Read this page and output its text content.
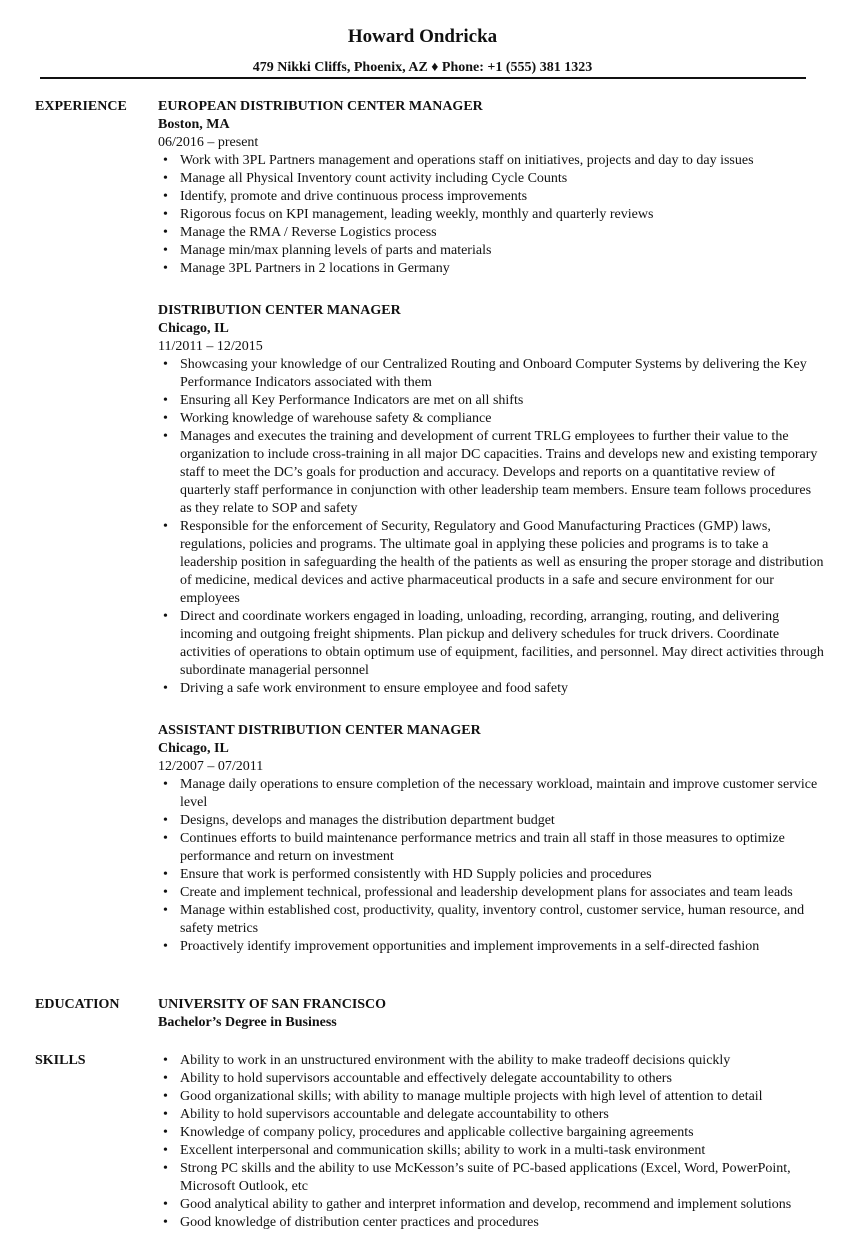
Howard Ondricka
479 Nikki Cliffs, Phoenix, AZ ♦ Phone: +1 (555) 381 1323
EXPERIENCE	EUROPEAN DISTRIBUTION CENTER MANAGER
Boston, MA
06/2016 – present
• Work with 3PL Partners management and operations staff on initiatives, projects and day to day issues
• Manage all Physical Inventory count activity including Cycle Counts
• Identify, promote and drive continuous process improvements
• Rigorous focus on KPI management, leading weekly, monthly and quarterly reviews
• Manage the RMA / Reverse Logistics process
• Manage min/max planning levels of parts and materials
• Manage 3PL Partners in 2 locations in Germany
DISTRIBUTION CENTER MANAGER
Chicago, IL
11/2011 – 12/2015
• Showcasing your knowledge of our Centralized Routing and Onboard Computer Systems by delivering the Key Performance Indicators associated with them
• Ensuring all Key Performance Indicators are met on all shifts
• Working knowledge of warehouse safety & compliance
• Manages and executes the training and development of current TRLG employees to further their value to the organization to include cross-training in all major DC capacities. Trains and develops new and existing temporary staff to meet the DC’s goals for production and accuracy. Develops and reports on a quantitative review of quarterly staff performance in conjunction with other leadership team members. Ensure team follows procedures as they relate to SOP and safety
• Responsible for the enforcement of Security, Regulatory and Good Manufacturing Practices (GMP) laws, regulations, policies and programs. The ultimate goal in applying these policies and programs is to take a leadership position in safeguarding the health of the patients as well as ensuring the proper storage and distribution of medicine, medical devices and active pharmaceutical products in a safe and secure environment for our employees
• Direct and coordinate workers engaged in loading, unloading, recording, arranging, routing, and delivering incoming and outgoing freight shipments. Plan pickup and delivery schedules for truck drivers. Coordinate activities of operations to obtain optimum use of equipment, facilities, and personnel. May direct activities through subordinate managerial personnel
• Driving a safe work environment to ensure employee and food safety
ASSISTANT DISTRIBUTION CENTER MANAGER
Chicago, IL
12/2007 – 07/2011
• Manage daily operations to ensure completion of the necessary workload, maintain and improve customer service level
• Designs, develops and manages the distribution department budget
• Continues efforts to build maintenance performance metrics and train all staff in those measures to optimize performance and return on investment
• Ensure that work is performed consistently with HD Supply policies and procedures
• Create and implement technical, professional and leadership development plans for associates and team leads
• Manage within established cost, productivity, quality, inventory control, customer service, human resource, and safety metrics
• Proactively identify improvement opportunities and implement improvements in a self-directed fashion
EDUCATION	UNIVERSITY OF SAN FRANCISCO
Bachelor’s Degree in Business
SKILLS
•	Ability to work in an unstructured environment with the ability to make tradeoff decisions quickly
• Ability to hold supervisors accountable and effectively delegate accountability to others
• Good organizational skills; with ability to manage multiple projects with high level of attention to detail
• Ability to hold supervisors accountable and delegate accountability to others
• Knowledge of company policy, procedures and applicable collective bargaining agreements
• Excellent interpersonal and communication skills; ability to work in a multi-task environment
• Strong PC skills and the ability to use McKesson’s suite of PC-based applications (Excel, Word, PowerPoint, Microsoft Outlook, etc
• Good analytical ability to gather and interpret information and develop, recommend and implement solutions
• Good knowledge of distribution center practices and procedures
